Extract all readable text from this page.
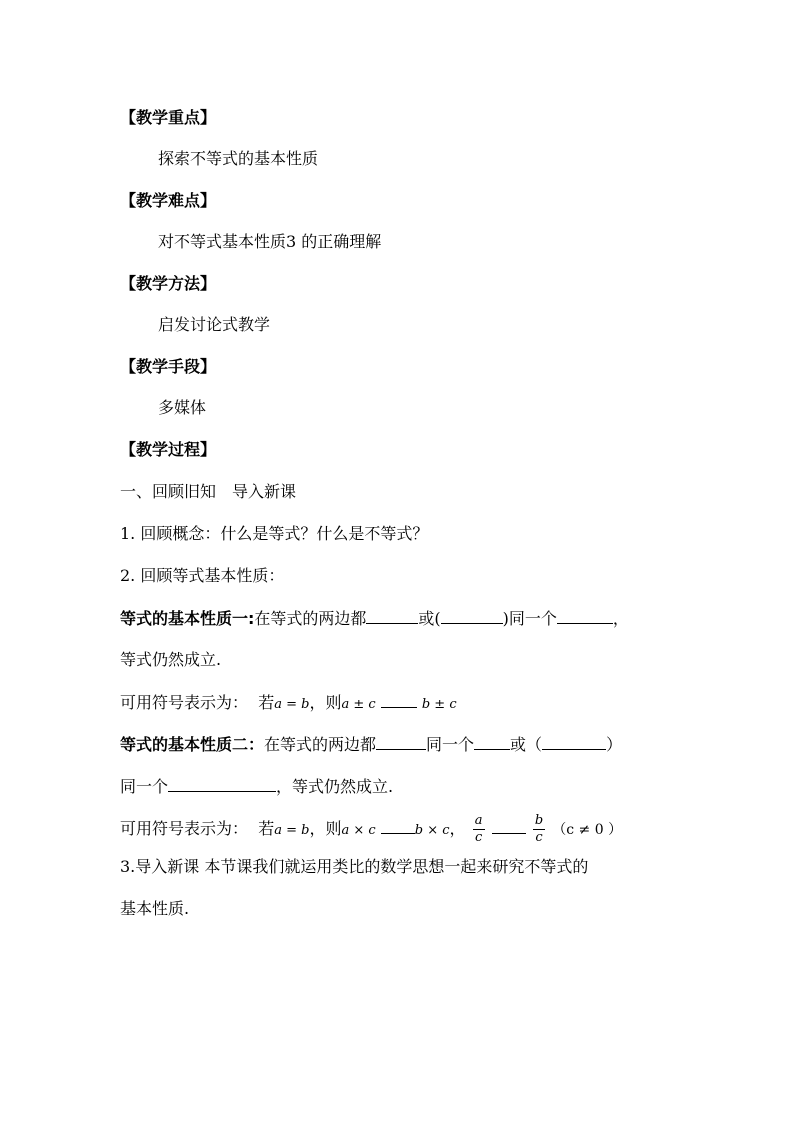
【教学重点】
探索不等式的基本性质
【教学难点】
对不等式基本性质3 的正确理解
【教学方法】
启发讨论式教学
【教学手段】
多媒体
【教学过程】
一、回顾旧知　导入新课
1. 回顾概念：什么是等式？什么是不等式？
2. 回顾等式基本性质：
等式的基本性质一:在等式的两边都	或(	)同一个	，
等式仍然成立.
可用符号表示为： 若a = b，则a ± c	b ± c
等式的基本性质二：在等式的两边都	同一个 或（	）
同一个	，等式仍然成立.
可用符号表示为： 若a = b，则a × c	b × c， $\frac{a}{c}$
	$\frac{b}{c} (c \ne 0$ ）
3.导入新课 本节课我们就运用类比的数学思想一起来研究不等式的
基本性质.
